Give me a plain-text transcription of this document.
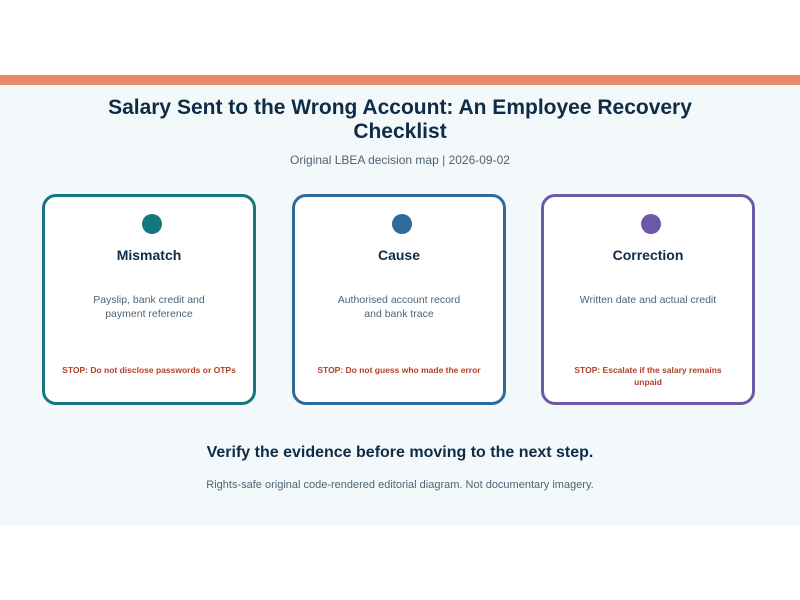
Salary Sent to the Wrong Account: An Employee Recovery Checklist
Original LBEA decision map | 2026-09-02
Mismatch
Payslip, bank credit and payment reference
STOP: Do not disclose passwords or OTPs
Cause
Authorised account record and bank trace
STOP: Do not guess who made the error
Correction
Written date and actual credit
STOP: Escalate if the salary remains unpaid
Verify the evidence before moving to the next step.
Rights-safe original code-rendered editorial diagram. Not documentary imagery.
